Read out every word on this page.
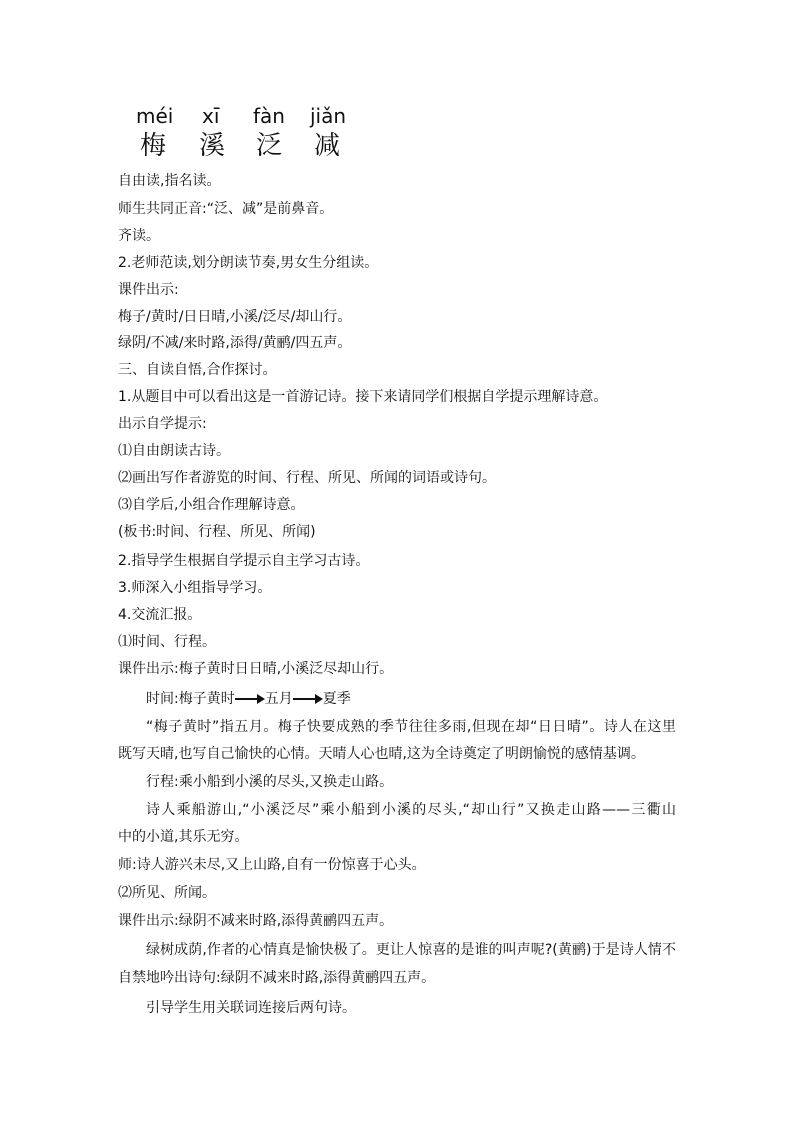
méi xī fàn jiǎn
梅 溪 泛 减
自由读,指名读。
师生共同正音:“泛、减”是前鼻音。
齐读。
2.老师范读,划分朗读节奏,男女生分组读。
课件出示:
梅子/黄时/日日晴,小溪/泛尽/却山行。
绿阴/不减/来时路,添得/黄鹂/四五声。
三、自读自悟,合作探讨。
1.从题目中可以看出这是一首游记诗。接下来请同学们根据自学提示理解诗意。
出示自学提示:
⑴自由朗读古诗。
⑵画出写作者游览的时间、行程、所见、所闻的词语或诗句。
⑶自学后,小组合作理解诗意。
(板书:时间、行程、所见、所闻)
2.指导学生根据自学提示自主学习古诗。
3.师深入小组指导学习。
4.交流汇报。
⑴时间、行程。
课件出示:梅子黄时日日晴,小溪泛尽却山行。
时间:梅子黄时 五月 夏季
“梅子黄时”指五月。梅子快要成熟的季节往往多雨,但现在却“日日晴”。诗人在这里
既写天晴,也写自己愉快的心情。天晴人心也晴,这为全诗奠定了明朗愉悦的感情基调。
行程:乘小船到小溪的尽头,又换走山路。
诗人乘船游山,“小溪泛尽”乘小船到小溪的尽头,“却山行”又换走山路——三衢山
中的小道,其乐无穷。
师:诗人游兴未尽,又上山路,自有一份惊喜于心头。
⑵所见、所闻。
课件出示:绿阴不减来时路,添得黄鹂四五声。
绿树成荫,作者的心情真是愉快极了。更让人惊喜的是谁的叫声呢?(黄鹂)于是诗人情不
自禁地吟出诗句:绿阴不减来时路,添得黄鹂四五声。
引导学生用关联词连接后两句诗。
